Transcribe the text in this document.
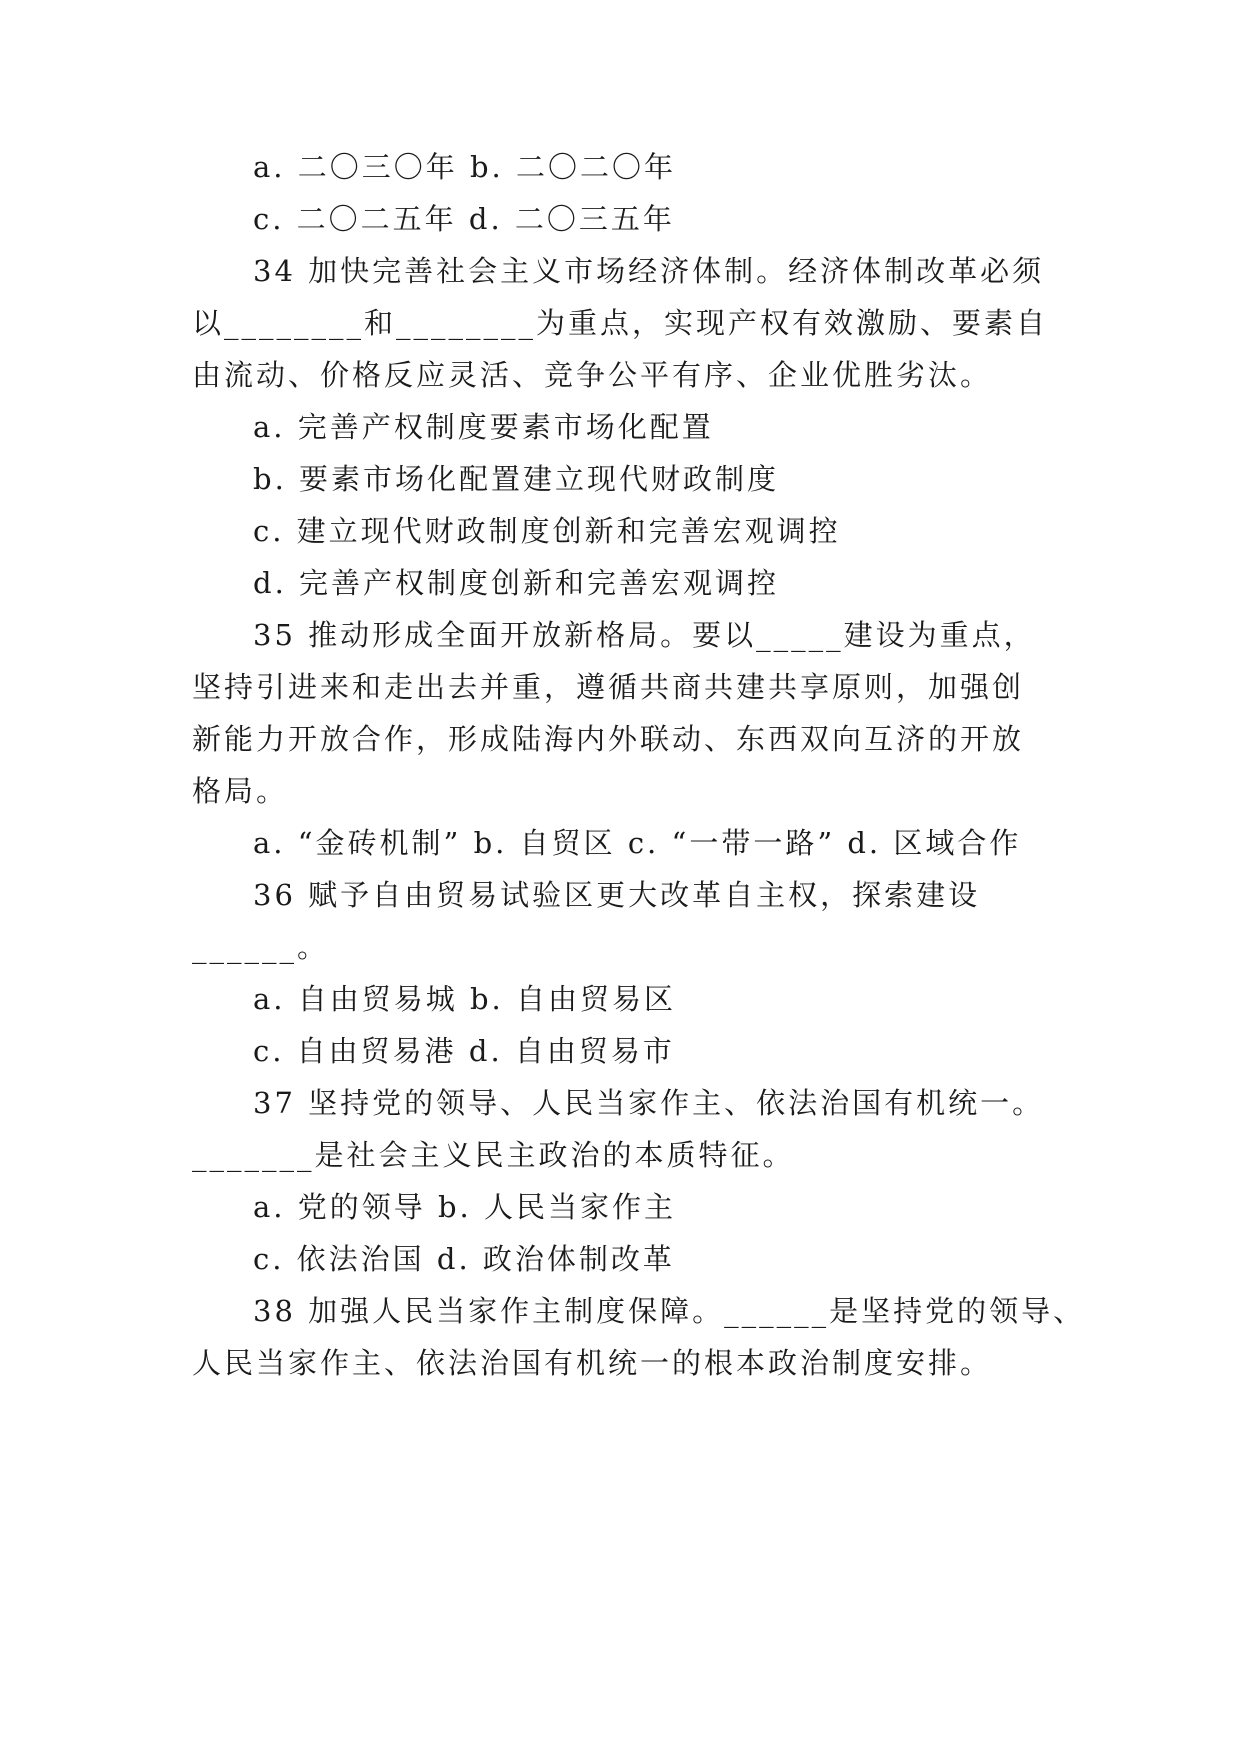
a. 二〇三〇年 b. 二〇二〇年
c. 二〇二五年 d. 二〇三五年
34 加快完善社会主义市场经济体制。经济体制改革必须
以________和________为重点，实现产权有效激励、要素自
由流动、价格反应灵活、竞争公平有序、企业优胜劣汰。
a. 完善产权制度要素市场化配置
b. 要素市场化配置建立现代财政制度
c. 建立现代财政制度创新和完善宏观调控
d. 完善产权制度创新和完善宏观调控
35 推动形成全面开放新格局。要以_____建设为重点，
坚持引进来和走出去并重，遵循共商共建共享原则，加强创
新能力开放合作，形成陆海内外联动、东西双向互济的开放
格局。
a. “金砖机制” b. 自贸区 c. “一带一路” d. 区域合作
36 赋予自由贸易试验区更大改革自主权，探索建设
______。
a. 自由贸易城 b. 自由贸易区
c. 自由贸易港 d. 自由贸易市
37 坚持党的领导、人民当家作主、依法治国有机统一。
_______是社会主义民主政治的本质特征。
a. 党的领导 b. 人民当家作主
c. 依法治国 d. 政治体制改革
38 加强人民当家作主制度保障。______是坚持党的领导、
人民当家作主、依法治国有机统一的根本政治制度安排。
